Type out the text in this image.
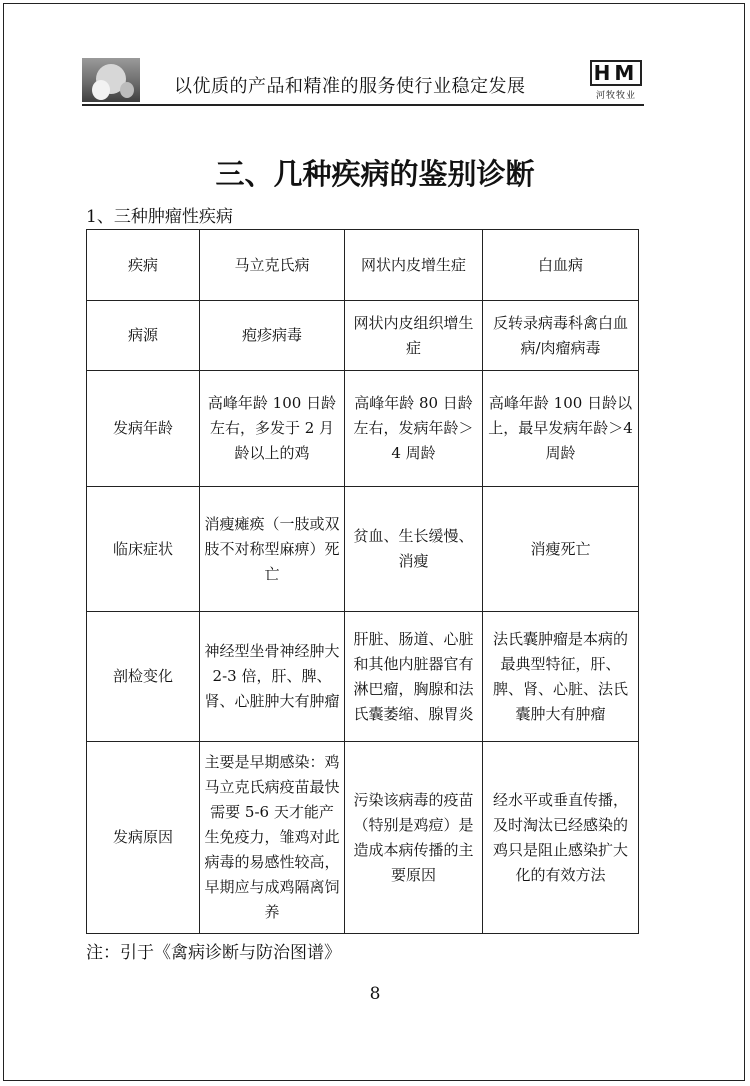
以优质的产品和精准的服务使行业稳定发展
HM
河牧牧业
三、几种疾病的鉴别诊断
1、三种肿瘤性疾病
疾病	马立克氏病	网状内皮增生症	白血病
病源	疱疹病毒	网状内皮组织增生症	反转录病毒科禽白血病/肉瘤病毒
发病年龄	高峰年龄 100 日龄左右，多发于 2 月龄以上的鸡	高峰年龄 80 日龄左右，发病年龄＞4 周龄	高峰年龄 100 日龄以上，最早发病年龄＞4 周龄
临床症状	消瘦瘫痪（一肢或双肢不对称型麻痹）死亡	贫血、生长缓慢、消瘦	消瘦死亡
剖检变化	神经型坐骨神经肿大 2-3 倍，肝、脾、肾、心脏肿大有肿瘤	肝脏、肠道、心脏和其他内脏器官有淋巴瘤，胸腺和法氏囊萎缩、腺胃炎	法氏囊肿瘤是本病的最典型特征，肝、脾、肾、心脏、法氏囊肿大有肿瘤
发病原因	主要是早期感染：鸡马立克氏病疫苗最快需要 5-6 天才能产生免疫力，雏鸡对此病毒的易感性较高，早期应与成鸡隔离饲养	污染该病毒的疫苗（特别是鸡痘）是造成本病传播的主要原因	经水平或垂直传播，及时淘汰已经感染的鸡只是阻止感染扩大化的有效方法
注：引于《禽病诊断与防治图谱》
8
